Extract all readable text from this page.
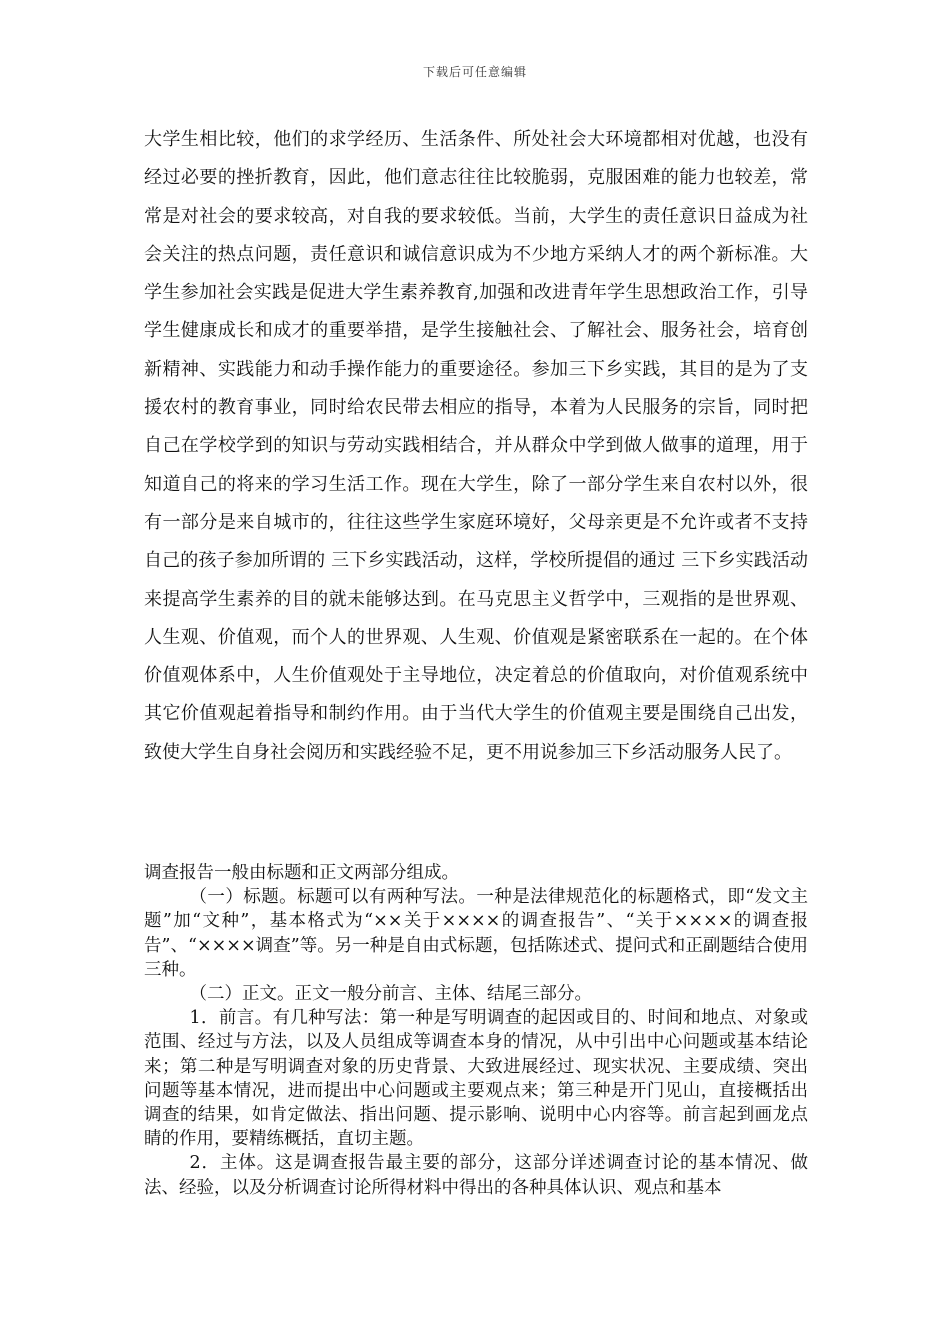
下载后可任意编辑

大学生相比较，他们的求学经历、生活条件、所处社会大环境都相对优越，也没有经过必要的挫折教育，因此，他们意志往往比较脆弱，克服困难的能力也较差，常常是对社会的要求较高，对自我的要求较低。当前，大学生的责任意识日益成为社会关注的热点问题，责任意识和诚信意识成为不少地方采纳人才的两个新标准。大学生参加社会实践是促进大学生素养教育,加强和改进青年学生思想政治工作，引导学生健康成长和成才的重要举措，是学生接触社会、了解社会、服务社会，培育创新精神、实践能力和动手操作能力的重要途径。参加三下乡实践，其目的是为了支援农村的教育事业，同时给农民带去相应的指导，本着为人民服务的宗旨，同时把自己在学校学到的知识与劳动实践相结合，并从群众中学到做人做事的道理，用于知道自己的将来的学习生活工作。现在大学生，除了一部分学生来自农村以外，很有一部分是来自城市的，往往这些学生家庭环境好，父母亲更是不允许或者不支持自己的孩子参加所谓的 三下乡实践活动，这样，学校所提倡的通过 三下乡实践活动来提高学生素养的目的就未能够达到。在马克思主义哲学中，三观指的是世界观、人生观、价值观，而个人的世界观、人生观、价值观是紧密联系在一起的。在个体价值观体系中，人生价值观处于主导地位，决定着总的价值取向，对价值观系统中其它价值观起着指导和制约作用。由于当代大学生的价值观主要是围绕自己出发，致使大学生自身社会阅历和实践经验不足，更不用说参加三下乡活动服务人民了。

调查报告一般由标题和正文两部分组成。

（一）标题。标题可以有两种写法。一种是法律规范化的标题格式，即“发文主题”加“文种”，基本格式为“××关于××××的调查报告”、“关于××××的调查报告”、“××××调查”等。另一种是自由式标题，包括陈述式、提问式和正副题结合使用三种。

（二）正文。正文一般分前言、主体、结尾三部分。

1．前言。有几种写法：第一种是写明调查的起因或目的、时间和地点、对象或范围、经过与方法，以及人员组成等调查本身的情况，从中引出中心问题或基本结论来；第二种是写明调查对象的历史背景、大致进展经过、现实状况、主要成绩、突出问题等基本情况，进而提出中心问题或主要观点来；第三种是开门见山，直接概括出调查的结果，如肯定做法、指出问题、提示影响、说明中心内容等。前言起到画龙点睛的作用，要精练概括，直切主题。

2．主体。这是调查报告最主要的部分，这部分详述调查讨论的基本情况、做法、经验，以及分析调查讨论所得材料中得出的各种具体认识、观点和基本
